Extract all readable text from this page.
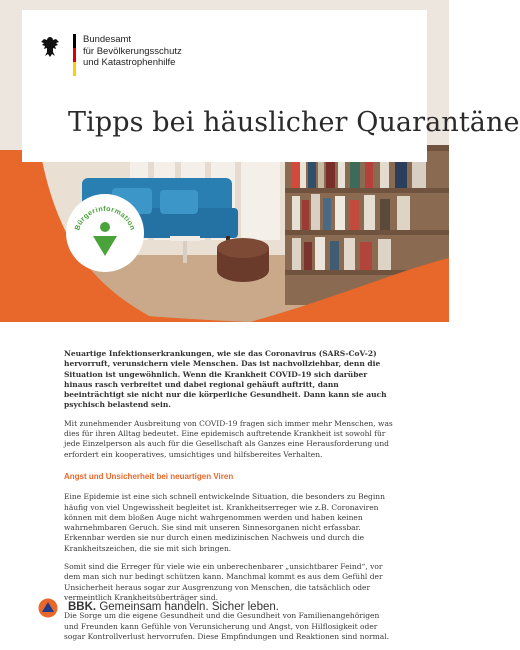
Bundesamt
für Bevölkerungsschutz
und Katastrophenhilfe
Tipps bei häuslicher Quarantäne
Bürgerinformation

Neuartige Infektionserkrankungen, wie sie das Coronavirus (SARS-CoV-2) hervorruft, verunsichern viele Menschen. Das ist nachvollziehbar, denn die Situation ist ungewöhnlich. Wenn die Krankheit COVID-19 sich darüber hinaus rasch verbreitet und dabei regional gehäuft auftritt, dann beeinträchtigt sie nicht nur die körperliche Gesundheit. Dann kann sie auch psychisch belastend sein.

Mit zunehmender Ausbreitung von COVID-19 fragen sich immer mehr Menschen, was dies für ihren Alltag bedeutet. Eine epidemisch auftretende Krankheit ist sowohl für jede Einzelperson als auch für die Gesellschaft als Ganzes eine Herausforderung und erfordert ein kooperatives, umsichtiges und hilfsbereites Verhalten.

Angst und Unsicherheit bei neuartigen Viren

Eine Epidemie ist eine sich schnell entwickelnde Situation, die besonders zu Beginn häufig von viel Ungewissheit begleitet ist. Krankheitserreger wie z.B. Coronaviren können mit dem bloßen Auge nicht wahrgenommen werden und haben keinen wahrnehmbaren Geruch. Sie sind mit unseren Sinnesorganen nicht erfassbar. Erkennbar werden sie nur durch einen medizinischen Nachweis und durch die Krankheitszeichen, die sie mit sich bringen.

Somit sind die Erreger für viele wie ein unberechenbarer „unsichtbarer Feind“, vor dem man sich nur bedingt schützen kann. Manchmal kommt es aus dem Gefühl der Unsicherheit heraus sogar zur Ausgrenzung von Menschen, die tatsächlich oder vermeintlich Krankheitsüberträger sind.

Die Sorge um die eigene Gesundheit und die Gesundheit von Familienangehörigen und Freunden kann Gefühle von Verunsicherung und Angst, von Hilflosigkeit oder sogar Kontrollverlust hervorrufen. Diese Empfindungen und Reaktionen sind normal.

BBK. Gemeinsam handeln. Sicher leben.
